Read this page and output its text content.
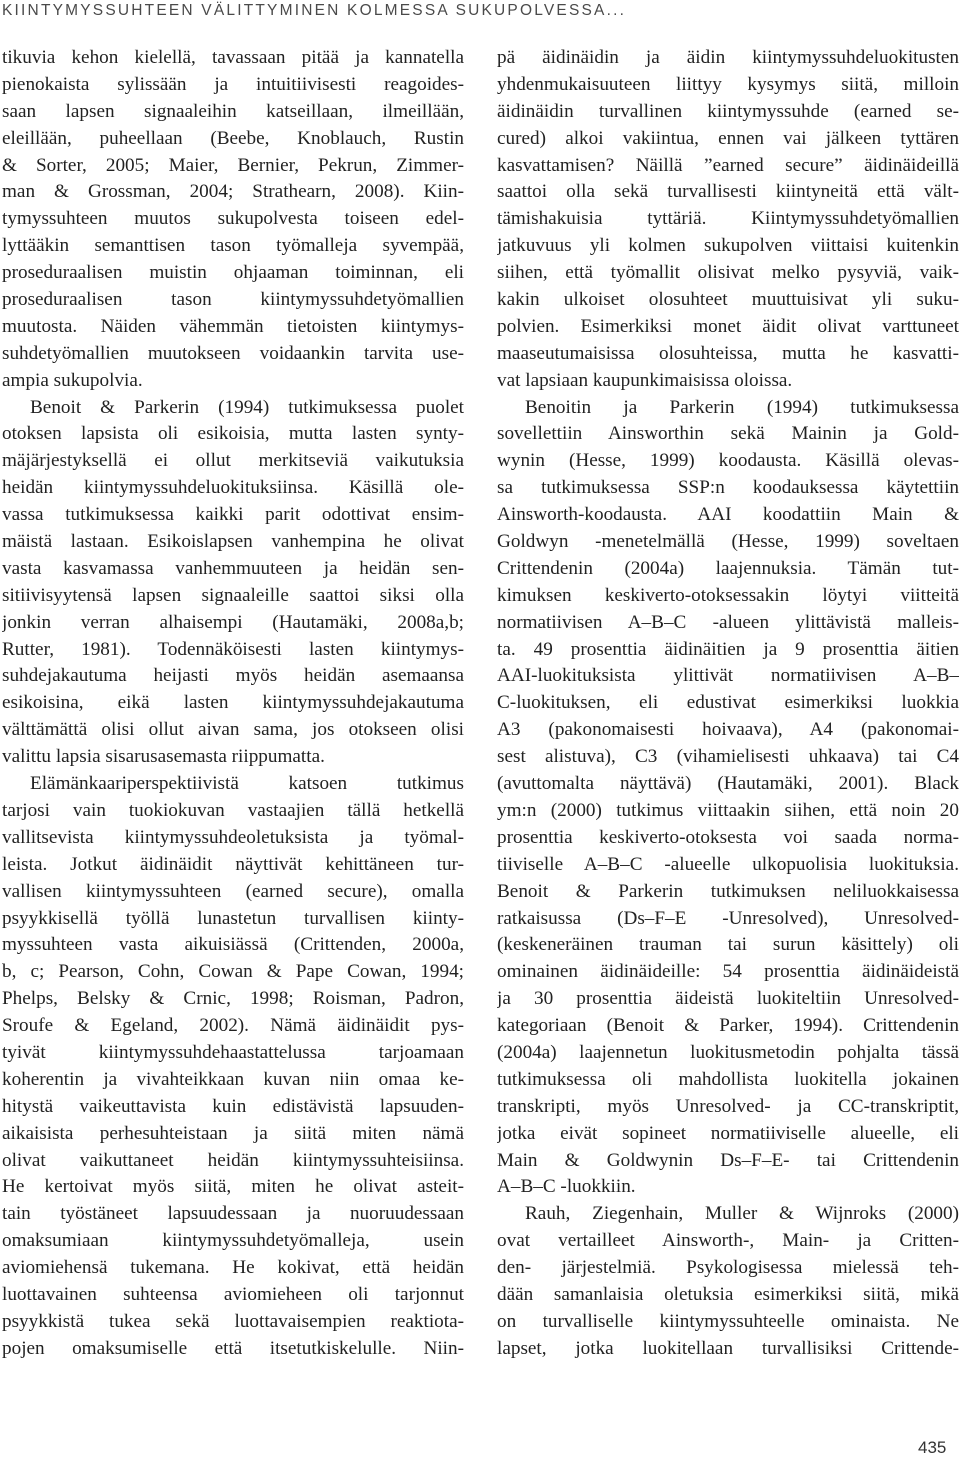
KIINTYMYSSUHTEEN VÄLITTYMINEN KOLMESSA SUKUPOLVESSA...
tikuvia kehon kielellä, tavassaan pitää ja kannatella
pienokaista sylissään ja intuitiivisesti reagoides-
saan lapsen signaaleihin katseillaan, ilmeillään,
eleillään, puheellaan (Beebe, Knoblauch, Rustin
& Sorter, 2005; Maier, Bernier, Pekrun, Zimmer-
man & Grossman, 2004; Strathearn, 2008). Kiin-
tymyssuhteen muutos sukupolvesta toiseen edel-
lyttääkin semanttisen tason työmalleja syvempää,
proseduraalisen muistin ohjaaman toiminnan, eli
proseduraalisen tason kiintymyssuhdetyömallien
muutosta. Näiden vähemmän tietoisten kiintymys-
suhdetyömallien muutokseen voidaankin tarvita use-
ampia sukupolvia.
Benoit & Parkerin (1994) tutkimuksessa puolet
otoksen lapsista oli esikoisia, mutta lasten synty-
mäjärjestyksellä ei ollut merkitseviä vaikutuksia
heidän kiintymyssuhdeluokituksiinsa. Käsillä ole-
vassa tutkimuksessa kaikki parit odottivat ensim-
mäistä lastaan. Esikoislapsen vanhempina he olivat
vasta kasvamassa vanhemmuuteen ja heidän sen-
sitiivisyytensä lapsen signaaleille saattoi siksi olla
jonkin verran alhaisempi (Hautamäki, 2008a,b;
Rutter, 1981). Todennäköisesti lasten kiintymys-
suhdejakautuma heijasti myös heidän asemaansa
esikoisina, eikä lasten kiintymyssuhdejakautuma
välttämättä olisi ollut aivan sama, jos otokseen olisi
valittu lapsia sisarusasemasta riippumatta.
Elämänkaariperspektiivistä katsoen tutkimus
tarjosi vain tuokiokuvan vastaajien tällä hetkellä
vallitsevista kiintymyssuhdeoletuksista ja työmal-
leista. Jotkut äidinäidit näyttivät kehittäneen tur-
vallisen kiintymyssuhteen (earned secure), omalla
psyykkisellä työllä lunastetun turvallisen kiinty-
myssuhteen vasta aikuisiässä (Crittenden, 2000a,
b, c; Pearson, Cohn, Cowan & Pape Cowan, 1994;
Phelps, Belsky & Crnic, 1998; Roisman, Padron,
Sroufe & Egeland, 2002). Nämä äidinäidit pys-
tyivät kiintymyssuhdehaastattelussa tarjoamaan
koherentin ja vivahteikkaan kuvan niin omaa ke-
hitystä vaikeuttavista kuin edistävistä lapsuuden-
aikaisista perhesuhteistaan ja siitä miten nämä
olivat vaikuttaneet heidän kiintymyssuhteisiinsa.
He kertoivat myös siitä, miten he olivat asteit-
tain työstäneet lapsuudessaan ja nuoruudessaan
omaksumiaan kiintymyssuhdetyömalleja, usein
aviomiehensä tukemana. He kokivat, että heidän
luottavainen suhteensa aviomieheen oli tarjonnut
psyykkistä tukea sekä luottavaisempien reaktiota-
pojen omaksumiselle että itsetutkiskelulle. Niin-
pä äidinäidin ja äidin kiintymyssuhdeluokitusten
yhdenmukaisuuteen liittyy kysymys siitä, milloin
äidinäidin turvallinen kiintymyssuhde (earned se-
cured) alkoi vakiintua, ennen vai jälkeen tyttären
kasvattamisen? Näillä ”earned secure” äidinäideillä
saattoi olla sekä turvallisesti kiintyneitä että vält-
tämishakuisia tyttäriä. Kiintymyssuhdetyömallien
jatkuvuus yli kolmen sukupolven viittaisi kuitenkin
siihen, että työmallit olisivat melko pysyviä, vaik-
kakin ulkoiset olosuhteet muuttuisivat yli suku-
polvien. Esimerkiksi monet äidit olivat varttuneet
maaseutumaisissa olosuhteissa, mutta he kasvatti-
vat lapsiaan kaupunkimaisissa oloissa.
Benoitin ja Parkerin (1994) tutkimuksessa
sovellettiin Ainsworthin sekä Mainin ja Gold-
wynin (Hesse, 1999) koodausta. Käsillä olevas-
sa tutkimuksessa SSP:n koodauksessa käytettiin
Ainsworth-koodausta. AAI koodattiin Main &
Goldwyn -menetelmällä (Hesse, 1999) soveltaen
Crittendenin (2004a) laajennuksia. Tämän tut-
kimuksen keskiverto-otoksessakin löytyi viitteitä
normatiivisen A–B–C -alueen ylittävistä malleis-
ta. 49 prosenttia äidinäitien ja 9 prosenttia äitien
AAI-luokituksista ylittivät normatiivisen A–B–
C-luokituksen, eli edustivat esimerkiksi luokkia
A3 (pakonomaisesti hoivaava), A4 (pakonomai-
sest alistuva), C3 (vihamielisesti uhkaava) tai C4
(avuttomalta näyttävä) (Hautamäki, 2001). Black
ym:n (2000) tutkimus viittaakin siihen, että noin 20
prosenttia keskiverto-otoksesta voi saada norma-
tiiviselle A–B–C -alueelle ulkopuolisia luokituksia.
Benoit & Parkerin tutkimuksen neliluokkaisessa
ratkaisussa (Ds–F–E -Unresolved), Unresolved-
(keskeneräinen trauman tai surun käsittely) oli
ominainen äidinäideille: 54 prosenttia äidinäideistä
ja 30 prosenttia äideistä luokiteltiin Unresolved-
kategoriaan (Benoit & Parker, 1994). Crittendenin
(2004a) laajennetun luokitusmetodin pohjalta tässä
tutkimuksessa oli mahdollista luokitella jokainen
transkripti, myös Unresolved- ja CC-transkriptit,
jotka eivät sopineet normatiiviselle alueelle, eli
Main & Goldwynin Ds–F–E- tai Crittendenin
A–B–C -luokkiin.
Rauh, Ziegenhain, Muller & Wijnroks (2000)
ovat vertailleet Ainsworth-, Main- ja Critten-
den- järjestelmiä. Psykologisessa mielessä teh-
dään samanlaisia oletuksia esimerkiksi siitä, mikä
on turvalliselle kiintymyssuhteelle ominaista. Ne
lapset, jotka luokitellaan turvallisiksi Crittende-
435
